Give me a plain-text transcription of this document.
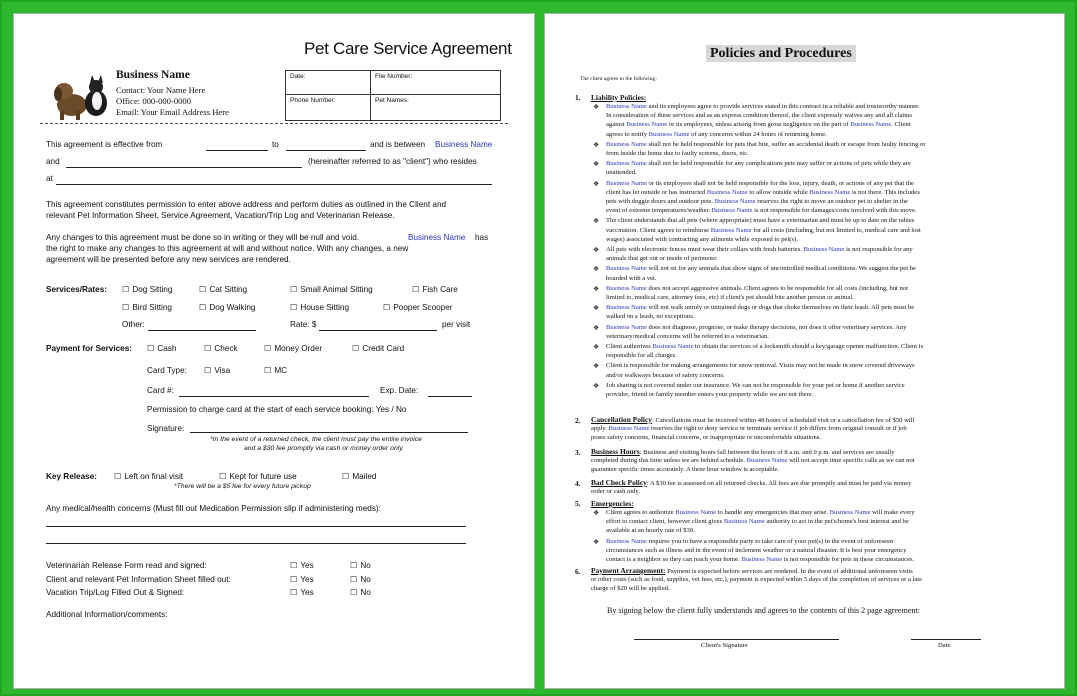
Pet Care Service Agreement
Business Name
Contact: Your Name Here
Office: 000-000-0000
Email: Your Email Address Here
Date:	File Number:
Phone Number:	Pet Names:
This agreement is effective from	to	and is between Business Name
and	(hereinafter referred to as "client") who resides
at
This agreement constitutes permission to enter above address and perform duties as outlined in the Client and
relevant Pet Information Sheet, Service Agreement, Vacation/Trip Log and Veterinarian Release.
Any changes to this agreement must be done so in writing or they will be null and void.	Business Name has
the right to make any changes to this agreement at will and without notice. With any changes, a new
agreement will be presented before any new services are rendered.
Services/Rates:	☐ Dog Sitting	☐ Cat Sitting	☐ Small Animal Sitting	☐ Fish Care
☐ Bird Sitting	☐ Dog Walking	☐ House Sitting	☐ Pooper Scooper
Other:	Rate: $	per visit
Payment for Services:	☐ Cash	☐ Check	☐ Money Order	☐ Credit Card
Card Type:	☐ Visa	☐ MC
Card #:	Exp. Date:
Permission to charge card at the start of each service booking: Yes / No
Signature:
*In the event of a returned check, the client must pay the entire invoice
and a $30 fee promptly via cash or money order only.
Key Release:	☐ Left on final visit	☐ Kept for future use	☐ Mailed
*There will be a $5 fee for every future pickup
Any medical/health concerns (Must fill out Medication Permission slip if administering meds):
Veterinarian Release Form read and signed:	☐ Yes	☐ No
Client and relevant Pet Information Sheet filled out:	☐ Yes	☐ No
Vacation Trip/Log Filled Out & Signed:	☐ Yes	☐ No
Additional Information/comments:
Policies and Procedures
The client agrees to the following:
1. Liability Policies:
2. Cancellation Policy: Cancellations must be received within 48 hours of scheduled visit or a cancellation fee of $50 will
apply. Business Name reserves the right to deny service or terminate service if job differs from original consult or if job
poses safety concerns, financial concerns, or inappropriate or uncomfortable situations.
3. Business Hours: Business and visiting hours fall between the hours of 8 a.m. and 9 p.m. and services are usually
completed during this time unless we are behind schedule. Business Name will not accept time specific calls as we can not
guarantee specific times accurately. A three hour window is acceptable.
4. Bad Check Policy: A $30 fee is assessed on all returned checks. All fees are due promptly and must be paid via money
order or cash only.
5. Emergencies:
❖ Client agrees to authorize Business Name to handle any emergencies that may arise. Business Name will make every
effort to contact client, however client gives Business Name authority to act in the pet's/home's best interest and be
available at an hourly rate of $30.
❖ Business Name requires you to have a responsible party to take care of your pet(s) in the event of unforeseen
circumstances such as illness and in the event of inclement weather or a natural disaster. It is best your emergency
contact is a neighbor so they can reach your home. Business Name is not responsible for pets in these circumstances.
6. Payment Arrangement: Payment is expected before services are rendered. In the event of additional unforeseen visits
or other costs (such as food, supplies, vet fees, etc.), payment is expected within 5 days of the completion of services or a late
charge of $20 will be applied.
By signing below the client fully understands and agrees to the contents of this 2 page agreement:
Client's Signature	Date
❖ Business Name and its employees agree to provide services stated in this contract in a reliable and trustworthy manner.
In consideration of these services and as an express condition thereof, the client expressly waives any and all claims
against Business Name or its employees, unless arising from gross negligence on the part of Business Name. Client
agrees to notify Business Name of any concerns within 24 hours of returning home.
❖ Business Name shall not be held responsible for pets that bite, suffer an accidental death or escape from faulty fencing or
from inside the home due to faulty screens, doors, etc.
❖ Business Name shall not be held responsible for any complications pets may suffer or actions of pets while they are
unattended.
❖ Business Name or its employees shall not be held responsible for the loss, injury, death, or actions of any pet that the
client has let outside or has instructed Business Name to allow outside while Business Name is not there. This includes
pets with doggie doors and outdoor pets. Business Name reserves the right to move an outdoor pet to shelter in the
event of extreme temperatures/weather. Business Name is not responsible for damages/costs involved with this move.
❖ The client understands that all pets (where appropriate) must have a veterinarian and must be up to date on the rabies
vaccination. Client agrees to reimburse Business Name for all costs (including, but not limited to, medical care and lost
wages) associated with contracting any ailments while exposed to pet(s).
❖ All pets with electronic fences must wear their collars with fresh batteries. Business Name is not responsible for any
animals that get out or inside of perimeter.
❖ Business Name will not sit for any animals that show signs of uncontrolled medical conditions. We suggest the pet be
boarded with a vet.
❖ Business Name does not accept aggressive animals. Client agrees to be responsible for all costs (including, but not
limited to, medical care, attorney fees, etc) if client's pet should bite another person or animal.
❖ Business Name will not walk unruly or untrained dogs or dogs that choke themselves on their leash. All pets must be
walked on a leash, no exceptions.
❖ Business Name does not diagnose, prognose, or make therapy decisions, nor does it offer veterinary services. Any
veterinary/medical concerns will be referred to a veterinarian.
❖ Client authorizes Business Name to obtain the services of a locksmith should a key/garage opener malfunction. Client is
responsible for all charges.
❖ Client is responsible for making arrangements for snow removal. Visits may not be made in snow covered driveways
and/or walkways because of safety concerns.
❖ Job sharing is not covered under our insurance. We can not be responsible for your pet or home if another service
provider, friend or family member enters your property while we are not there.
